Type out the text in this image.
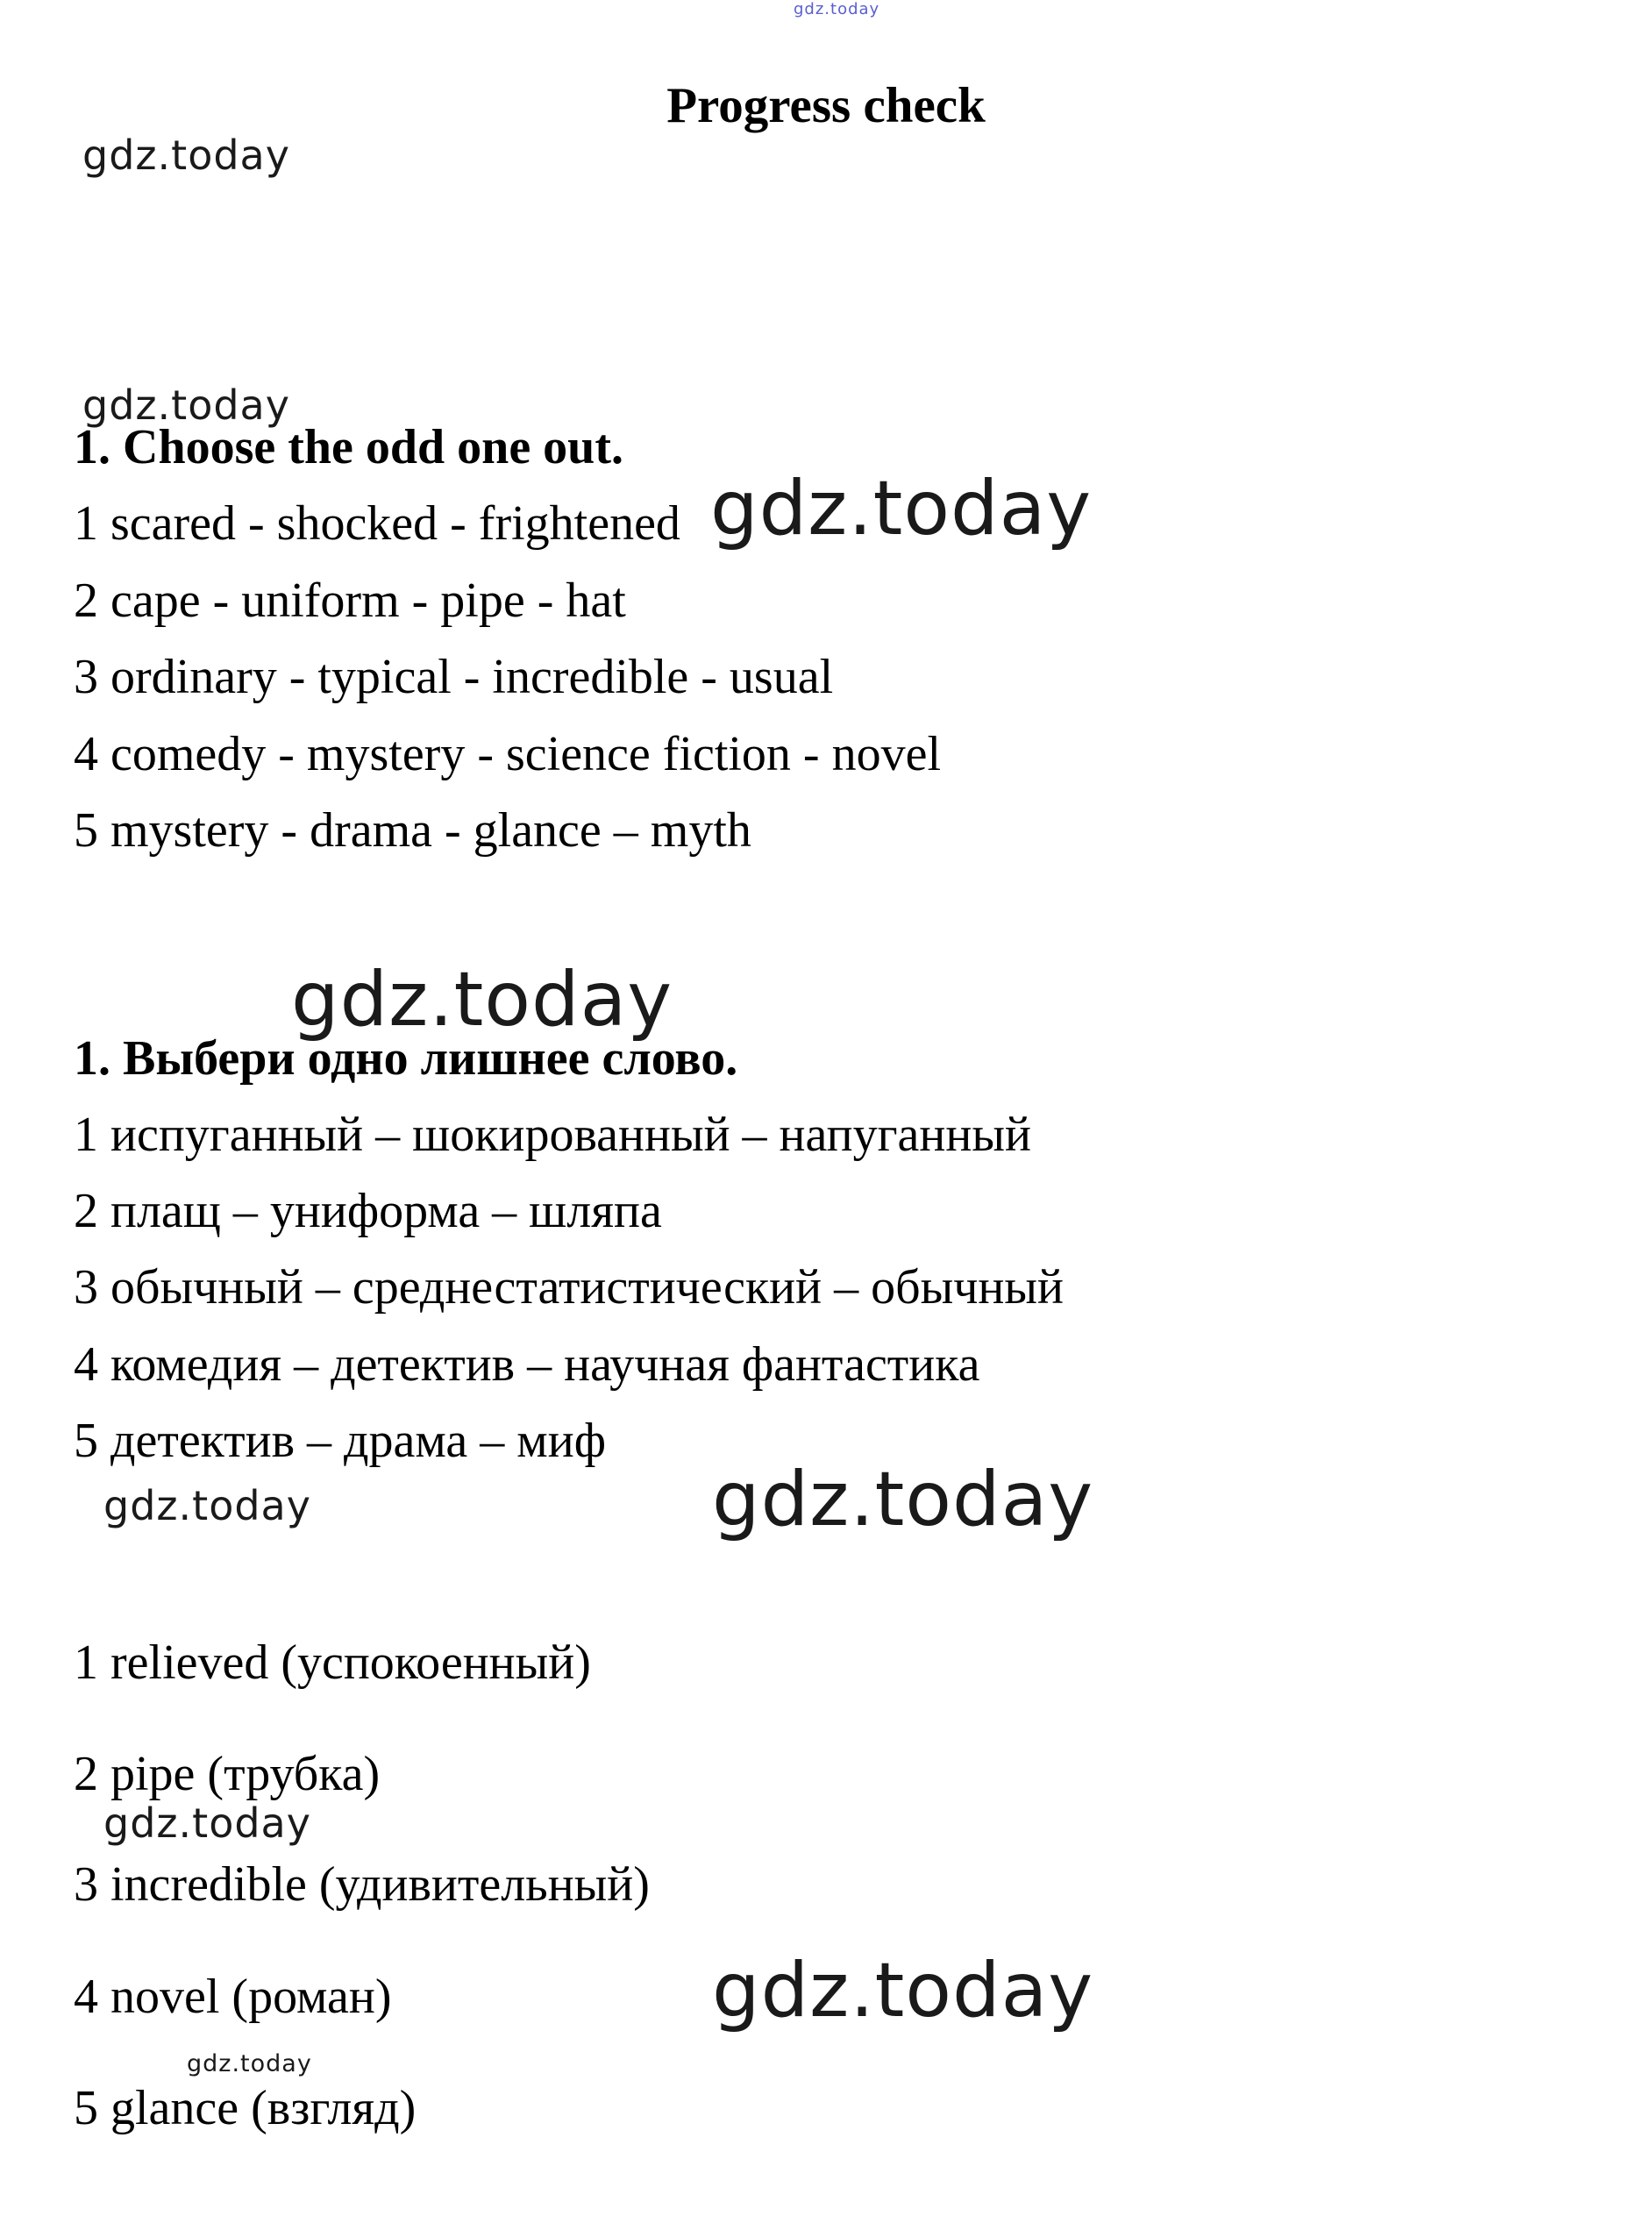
gdz.today
Progress check
gdz.today
gdz.today
1. Choose the odd one out.
1 scared - shocked - frightened
2 cape - uniform - pipe - hat
3 ordinary - typical - incredible - usual
4 comedy - mystery - science fiction - novel
5 mystery - drama - glance – myth
gdz.today
gdz.today
1. Выбери одно лишнее слово.
1 испуганный – шокированный – напуганный
2 плащ – униформа – шляпа
3 обычный – среднестатистический – обычный
4 комедия – детектив – научная фантастика
5 детектив – драма – миф
gdz.today	gdz.today
1 relieved (успокоенный)
2 pipe (трубка)
3 incredible (удивительный)
4 novel (роман)
5 glance (взгляд)
gdz.today
gdz.today
gdz.today
